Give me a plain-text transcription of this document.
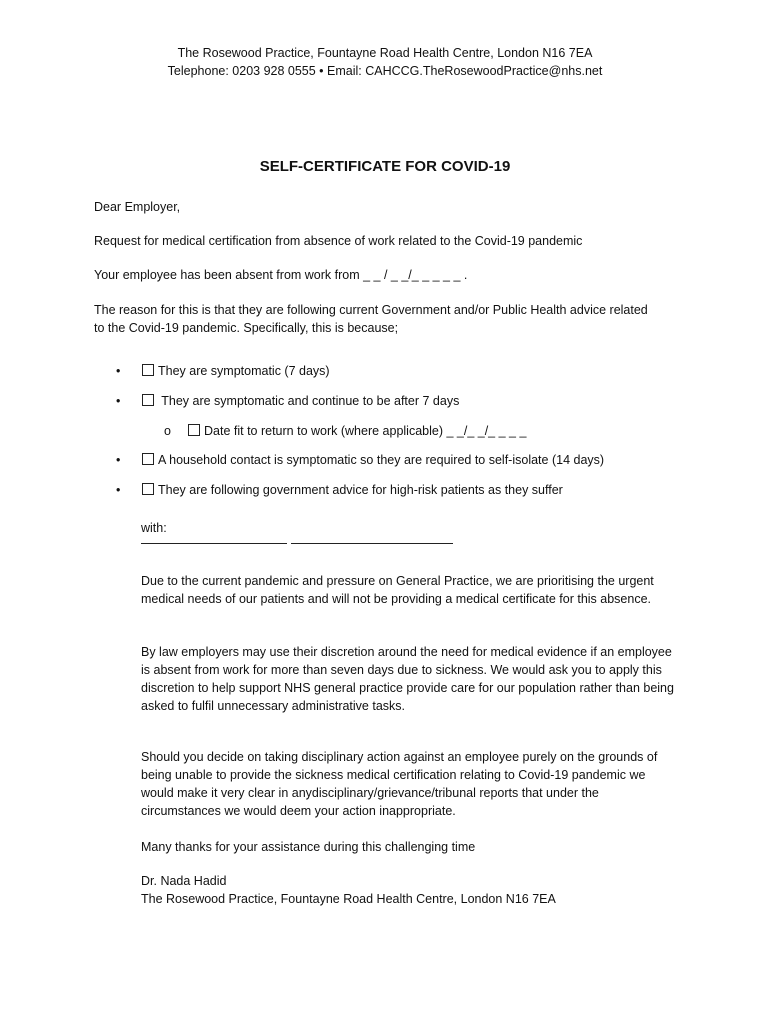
The Rosewood Practice, Fountayne Road Health Centre, London N16 7EA
Telephone: 0203 928 0555 • Email: CAHCCG.TheRosewoodPractice@nhs.net
SELF-CERTIFICATE FOR COVID-19

Dear Employer,

Request for medical certification from absence of work related to the Covid-19 pandemic

Your employee has been absent from work from _ _ / _ _/_ _ _ _ _ .

The reason for this is that they are following current Government and/or Public Health advice related to the Covid-19 pandemic. Specifically, this is because;

•	They are symptomatic (7 days)
•	They are symptomatic and continue to be after 7 days
o	Date fit to return to work (where applicable) _ _/_ _/_ _ _ _
•	A household contact is symptomatic so they are required to self-isolate (14 days)
•	They are following government advice for high-risk patients as they suffer

with:

Due to the current pandemic and pressure on General Practice, we are prioritising the urgent medical needs of our patients and will not be providing a medical certificate for this absence.

By law employers may use their discretion around the need for medical evidence if an employee is absent from work for more than seven days due to sickness. We would ask you to apply this discretion to help support NHS general practice provide care for our population rather than being asked to fulfil unnecessary administrative tasks.

Should you decide on taking disciplinary action against an employee purely on the grounds of being unable to provide the sickness medical certification relating to Covid-19 pandemic we would make it very clear in anydisciplinary/grievance/tribunal reports that under the circumstances we would deem your action inappropriate.

Many thanks for your assistance during this challenging time

Dr. Nada Hadid

The Rosewood Practice, Fountayne Road Health Centre, London N16 7EA
